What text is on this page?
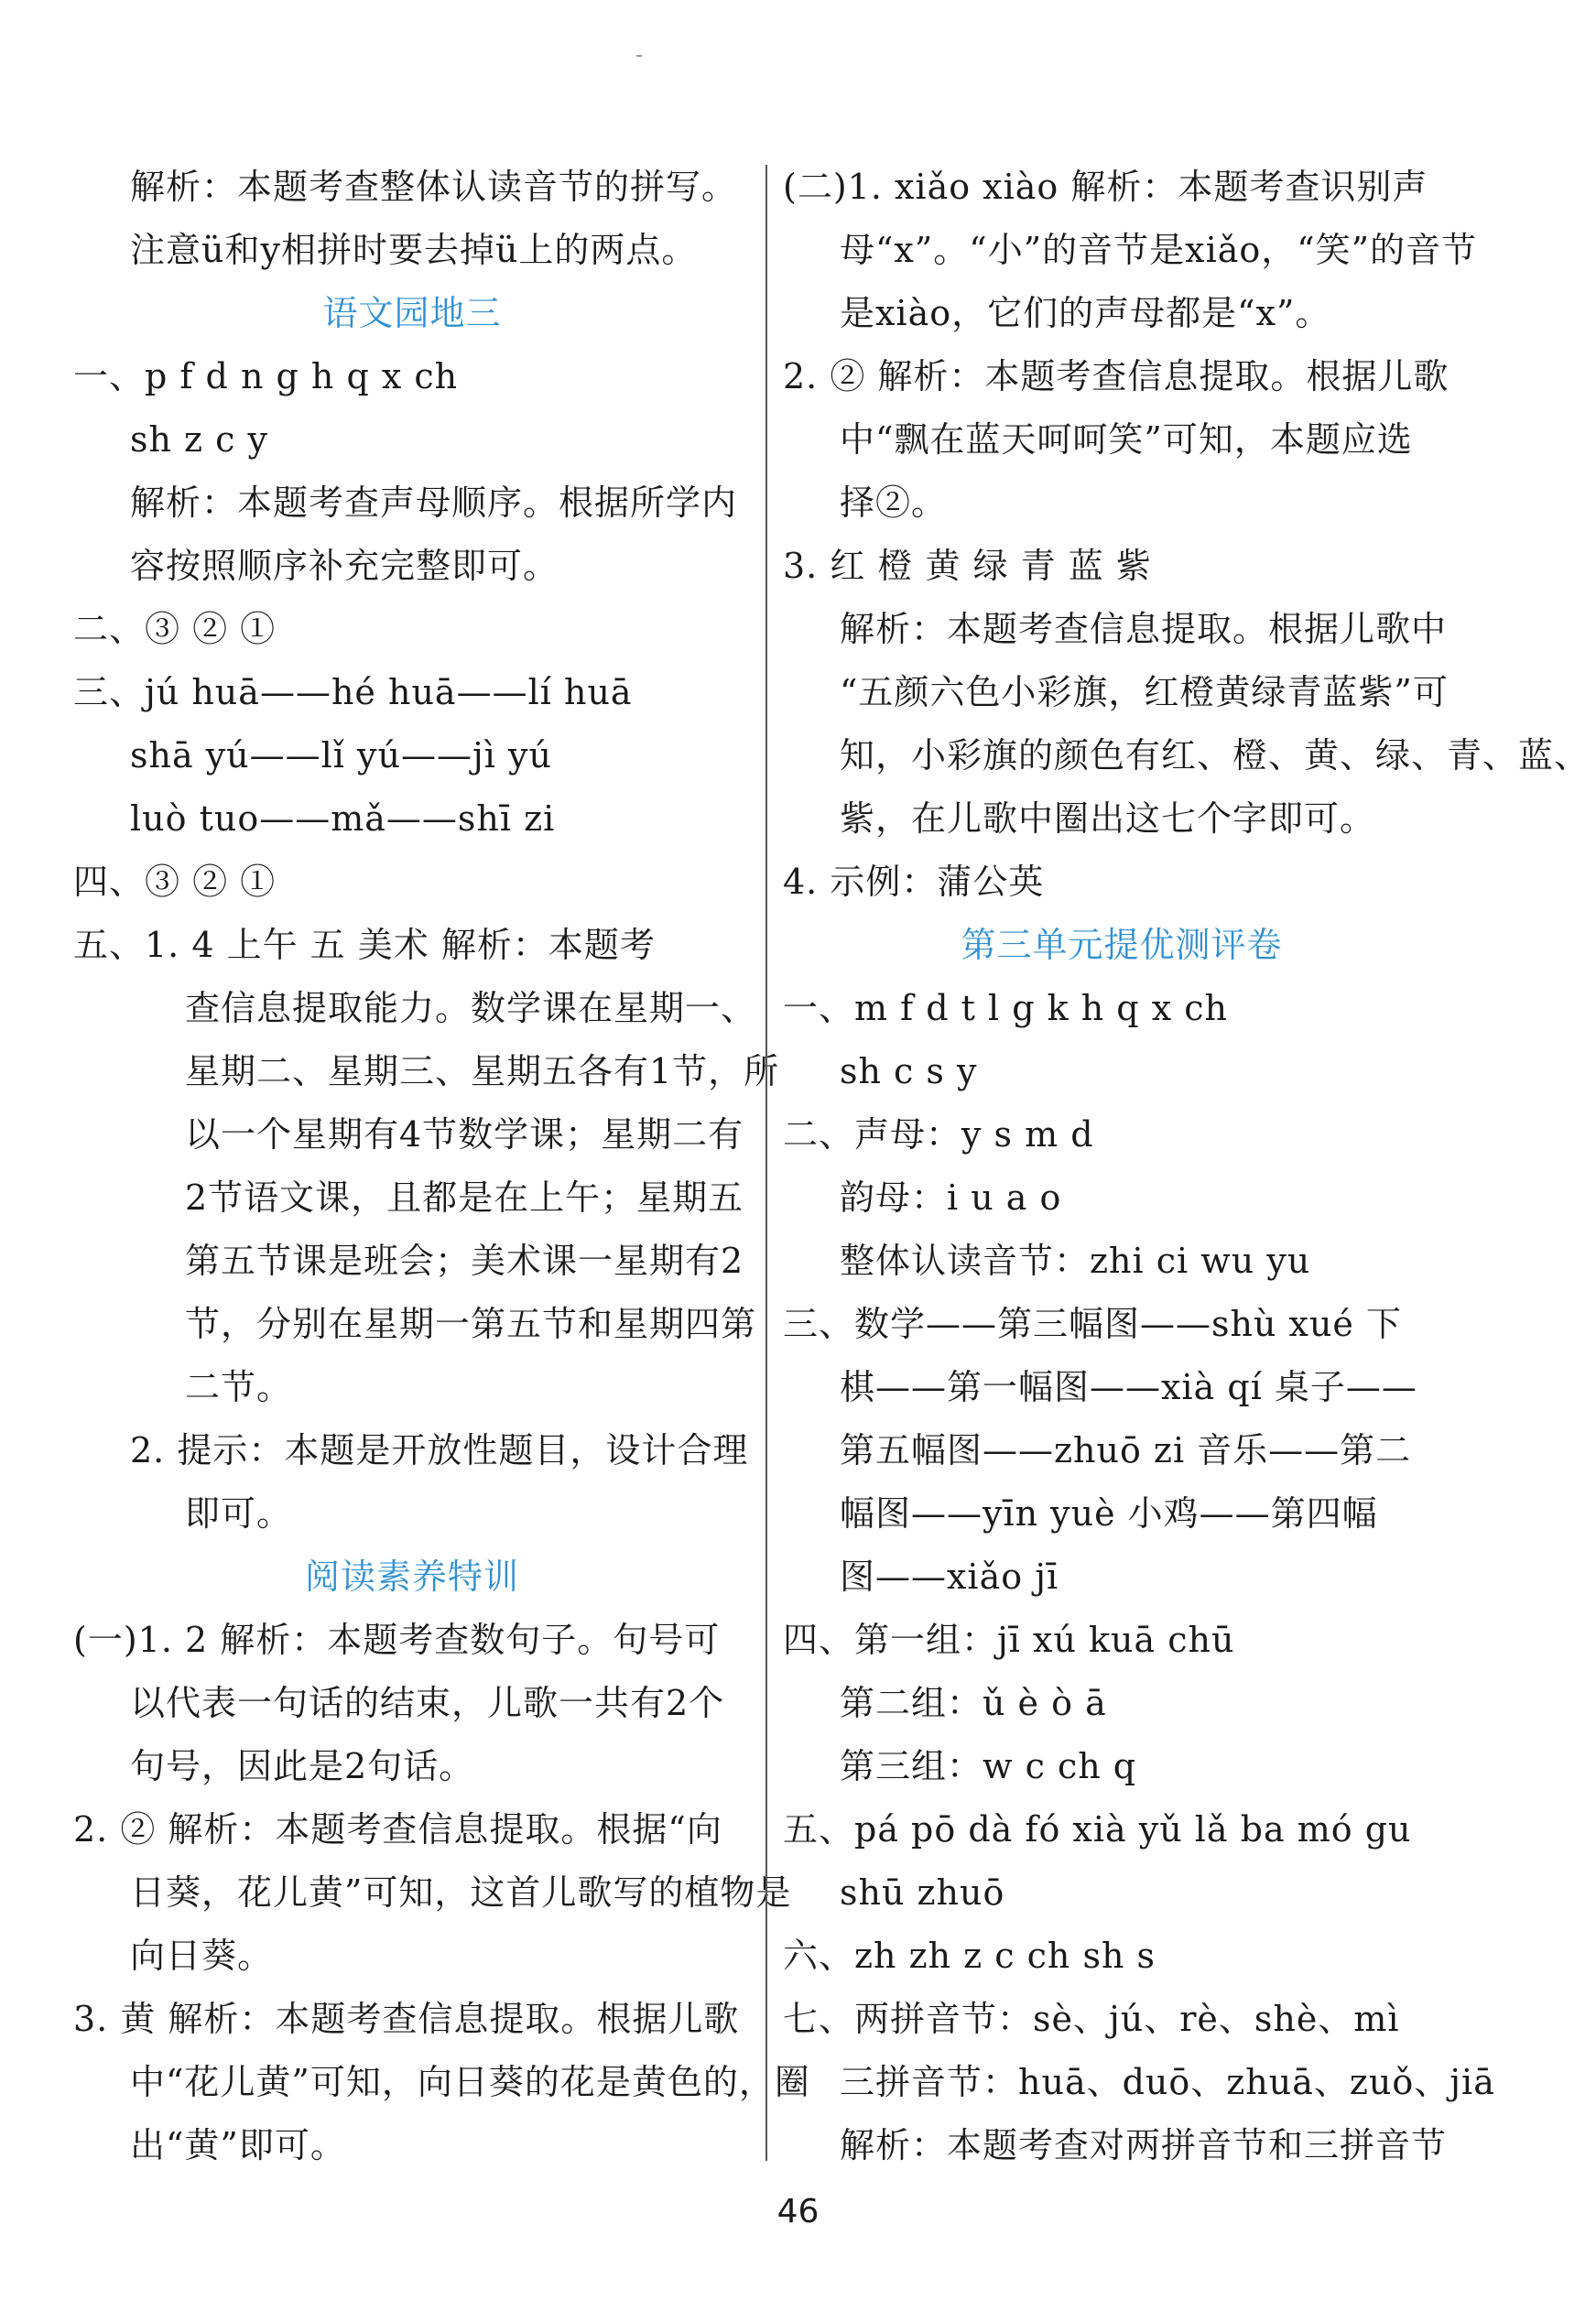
解析：本题考查整体认读音节的拼写。
注意ü和y相拼时要去掉ü上的两点。
语文园地三
一、p f d n g h q x ch
sh z c y
解析：本题考查声母顺序。根据所学内
容按照顺序补充完整即可。
二、③ ② ①
三、jú huā——hé huā——lí huā
shā yú——lǐ yú——jì yú
luò tuo——mǎ——shī zi
四、③ ② ①
五、1. 4 上午 五 美术 解析：本题考
查信息提取能力。数学课在星期一、
星期二、星期三、星期五各有1节，所
以一个星期有4节数学课；星期二有
2节语文课，且都是在上午；星期五
第五节课是班会；美术课一星期有2
节，分别在星期一第五节和星期四第
二节。
2. 提示：本题是开放性题目，设计合理
即可。
阅读素养特训
(一)1. 2 解析：本题考查数句子。句号可
以代表一句话的结束，儿歌一共有2个
句号，因此是2句话。
2. ② 解析：本题考查信息提取。根据“向
日葵，花儿黄”可知，这首儿歌写的植物是
向日葵。
3. 黄 解析：本题考查信息提取。根据儿歌
中“花儿黄”可知，向日葵的花是黄色的，圈
出“黄”即可。
(二)1. xiǎo xiào 解析：本题考查识别声
母“x”。“小”的音节是xiǎo，“笑”的音节
是xiào，它们的声母都是“x”。
2. ② 解析：本题考查信息提取。根据儿歌
中“飘在蓝天呵呵笑”可知，本题应选
择②。
3. 红 橙 黄 绿 青 蓝 紫
解析：本题考查信息提取。根据儿歌中
“五颜六色小彩旗，红橙黄绿青蓝紫”可
知，小彩旗的颜色有红、橙、黄、绿、青、蓝、
紫，在儿歌中圈出这七个字即可。
4. 示例：蒲公英
第三单元提优测评卷
一、m f d t l g k h q x ch
sh c s y
二、声母：y s m d
韵母：i u a o
整体认读音节：zhi ci wu yu
三、数学——第三幅图——shù xué 下
棋——第一幅图——xià qí 桌子——
第五幅图——zhuō zi 音乐——第二
幅图——yīn yuè 小鸡——第四幅
图——xiǎo jī
四、第一组：jī xú kuā chū
第二组：ǔ è ò ā
第三组：w c ch q
五、pá pō dà fó xià yǔ lǎ ba mó gu
shū zhuō
六、zh zh z c ch sh s
七、两拼音节：sè、jú、rè、shè、mì
三拼音节：huā、duō、zhuā、zuǒ、jiā
解析：本题考查对两拼音节和三拼音节
46
